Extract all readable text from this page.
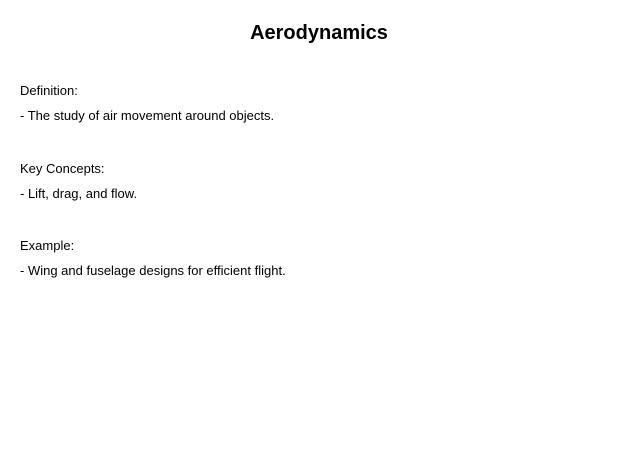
Aerodynamics
Definition:
- The study of air movement around objects.
Key Concepts:
- Lift, drag, and flow.
Example:
- Wing and fuselage designs for efficient flight.
